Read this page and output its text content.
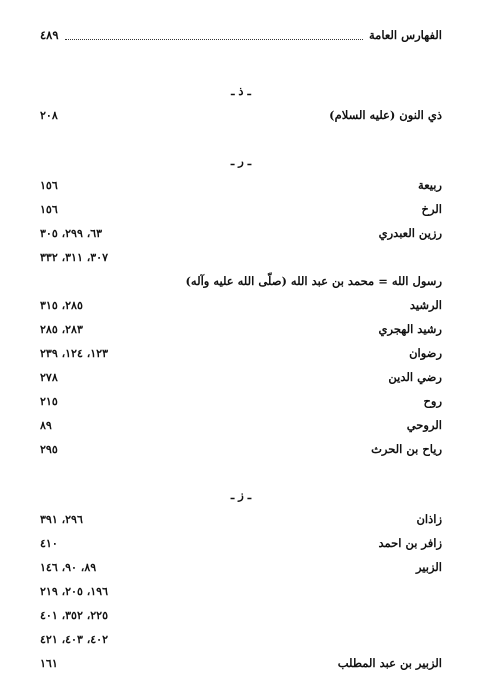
الفهارس العامة
٤٨٩
ـ ذ ـ
ذي النون (عليه السلام)
٢٠٨
ـ ر ـ
ربيعة
١٥٦
الرخ
١٥٦
رزين العبدري
٦٣، ٢٩٩، ٣٠٥
٣٠٧، ٣١١، ٣٣٢
رسول الله = محمد بن عبد الله (صلّى الله عليه وآله)
الرشيد
٢٨٥، ٣١٥
رشيد الهجري
٢٨٣، ٢٨٥
رضوان
١٢٣، ١٢٤، ٢٣٩
رضي الدين
٢٧٨
روح
٢١٥
الروحي
٨٩
رياح بن الحرث
٢٩٥
ـ ز ـ
زاذان
٢٩٦، ٣٩١
زافر بن احمد
٤١٠
الزبير
٨٩، ٩٠، ١٤٦
١٩٦، ٢٠٥، ٢١٩
٢٢٥، ٣٥٢، ٤٠١
٤٠٢، ٤٠٣، ٤٢١
الزبير بن عبد المطلب
١٦١
